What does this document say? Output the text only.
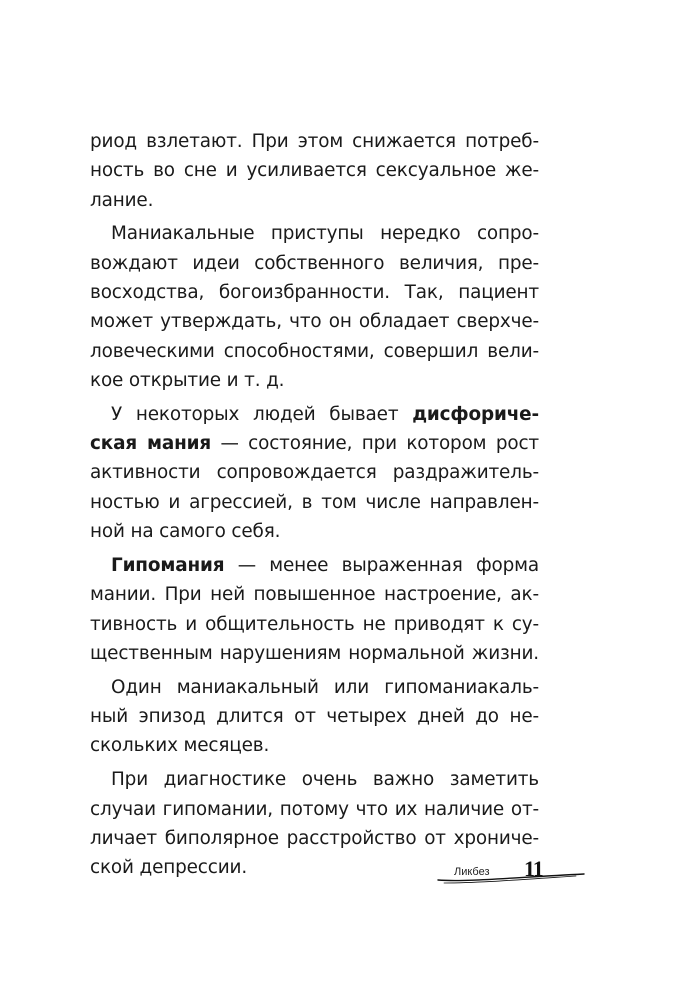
риод взлетают. При этом снижается потреб-
ность во сне и усиливается сексуальное же-
лание.
Маниакальные приступы нередко сопро-
вождают идеи собственного величия, пре-
восходства, богоизбранности. Так, пациент
может утверждать, что он обладает сверхче-
ловеческими способностями, совершил вели-
кое открытие и т. д.
У некоторых людей бывает дисфориче-
ская мания — состояние, при котором рост
активности сопровождается раздражитель-
ностью и агрессией, в том числе направлен-
ной на самого себя.
Гипомания — менее выраженная форма
мании. При ней повышенное настроение, ак-
тивность и общительность не приводят к су-
щественным нарушениям нормальной жизни.
Один маниакальный или гипоманиакаль-
ный эпизод длится от четырех дней до не-
скольких месяцев.
При диагностике очень важно заметить
случаи гипомании, потому что их наличие от-
личает биполярное расстройство от хрониче-
ской депрессии.	Ликбез 11
